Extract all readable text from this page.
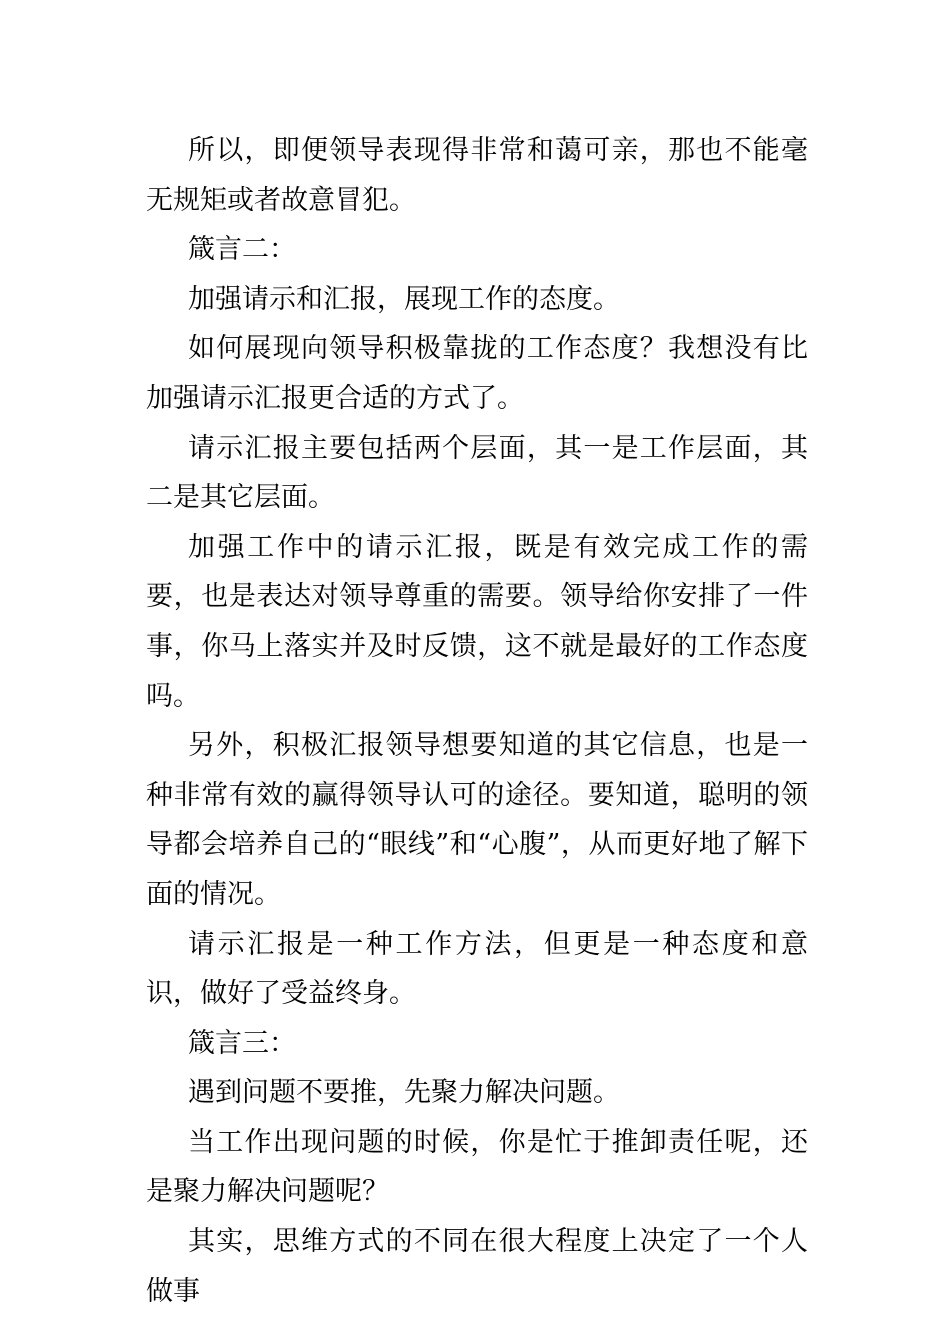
所以，即便领导表现得非常和蔼可亲，那也不能毫无规矩或者故意冒犯。

箴言二：

加强请示和汇报，展现工作的态度。

如何展现向领导积极靠拢的工作态度？我想没有比加强请示汇报更合适的方式了。

请示汇报主要包括两个层面，其一是工作层面，其二是其它层面。

加强工作中的请示汇报，既是有效完成工作的需要，也是表达对领导尊重的需要。领导给你安排了一件事，你马上落实并及时反馈，这不就是最好的工作态度吗。

另外，积极汇报领导想要知道的其它信息，也是一种非常有效的赢得领导认可的途径。要知道，聪明的领导都会培养自己的“眼线”和“心腹”，从而更好地了解下面的情况。

请示汇报是一种工作方法，但更是一种态度和意识，做好了受益终身。

箴言三：

遇到问题不要推，先聚力解决问题。

当工作出现问题的时候，你是忙于推卸责任呢，还是聚力解决问题呢？

其实，思维方式的不同在很大程度上决定了一个人做事
